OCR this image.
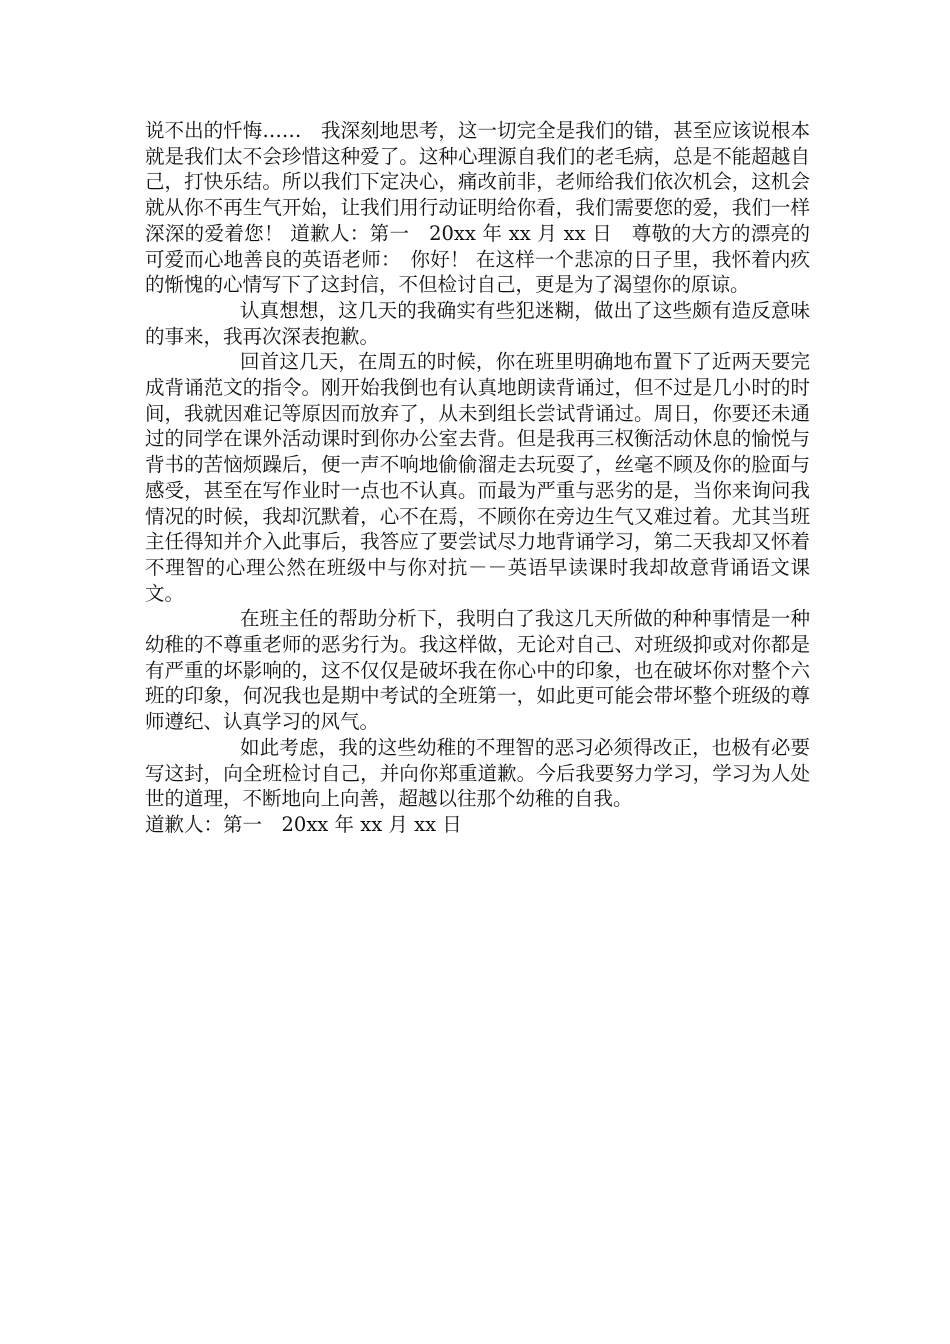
说不出的忏悔……　我深刻地思考，这一切完全是我们的错，甚至应该说根本就是我们太不会珍惜这种爱了。这种心理源自我们的老毛病，总是不能超越自己，打快乐结。所以我们下定决心，痛改前非，老师给我们依次机会，这机会就从你不再生气开始，让我们用行动证明给你看，我们需要您的爱，我们一样深深的爱着您！ 道歉人：第一　20xx 年 xx 月 xx 日　尊敬的大方的漂亮的可爱而心地善良的英语老师：　你好！ 在这样一个悲凉的日子里，我怀着内疚的惭愧的心情写下了这封信，不但检讨自己，更是为了渴望你的原谅。

认真想想，这几天的我确实有些犯迷糊，做出了这些颇有造反意味的事来，我再次深表抱歉。

回首这几天，在周五的时候，你在班里明确地布置下了近两天要完成背诵范文的指令。刚开始我倒也有认真地朗读背诵过，但不过是几小时的时间，我就因难记等原因而放弃了，从未到组长尝试背诵过。周日，你要还未通过的同学在课外活动课时到你办公室去背。但是我再三权衡活动休息的愉悦与背书的苦恼烦躁后，便一声不响地偷偷溜走去玩耍了，丝毫不顾及你的脸面与感受，甚至在写作业时一点也不认真。而最为严重与恶劣的是，当你来询问我情况的时候，我却沉默着，心不在焉，不顾你在旁边生气又难过着。尤其当班主任得知并介入此事后，我答应了要尝试尽力地背诵学习，第二天我却又怀着不理智的心理公然在班级中与你对抗－－英语早读课时我却故意背诵语文课文。

在班主任的帮助分析下，我明白了我这几天所做的种种事情是一种幼稚的不尊重老师的恶劣行为。我这样做，无论对自己、对班级抑或对你都是有严重的坏影响的，这不仅仅是破坏我在你心中的印象，也在破坏你对整个六班的印象，何况我也是期中考试的全班第一，如此更可能会带坏整个班级的尊师遵纪、认真学习的风气。

如此考虑，我的这些幼稚的不理智的恶习必须得改正，也极有必要写这封，向全班检讨自己，并向你郑重道歉。今后我要努力学习，学习为人处世的道理，不断地向上向善，超越以往那个幼稚的自我。

道歉人：第一　20xx 年 xx 月 xx 日
